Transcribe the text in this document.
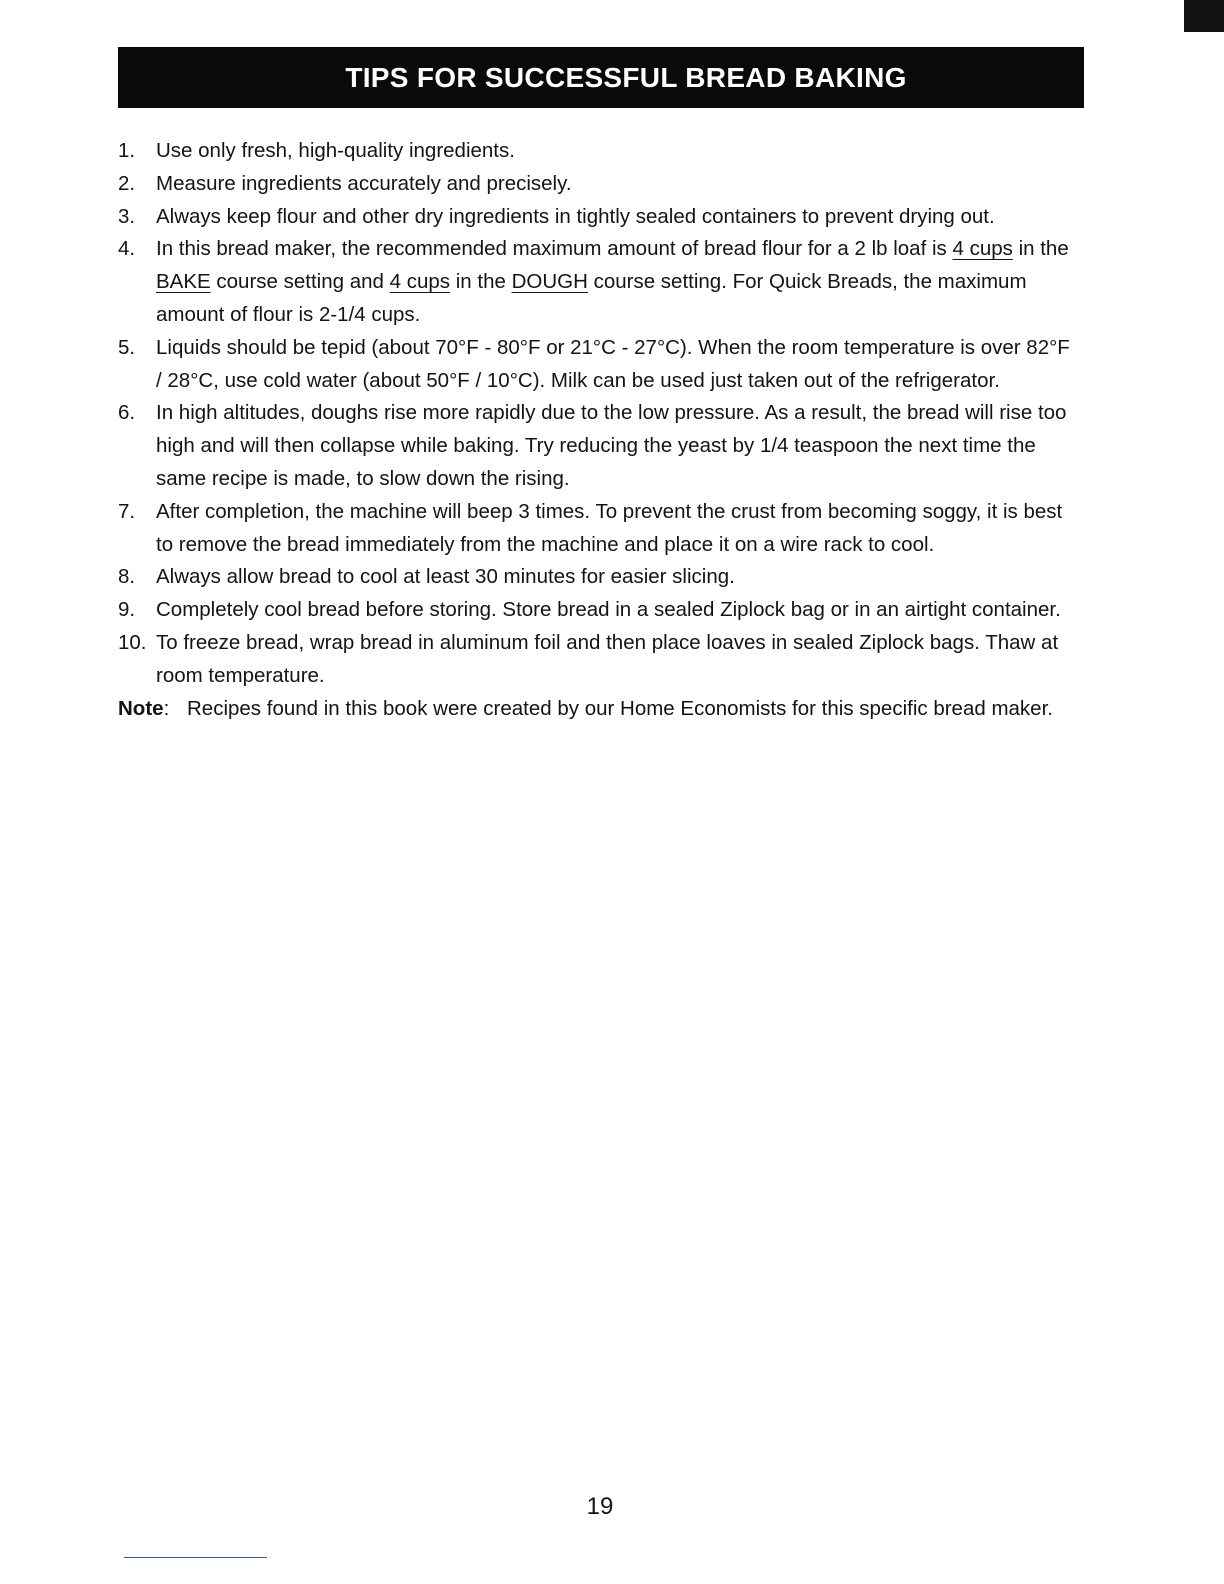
TIPS FOR SUCCESSFUL BREAD BAKING
1.	Use only fresh, high-quality ingredients.
2.	Measure ingredients accurately and precisely.
3.	Always keep flour and other dry ingredients in tightly sealed containers to prevent drying out.
4.	In this bread maker, the recommended maximum amount of bread flour for a 2 lb loaf is 4 cups in the BAKE course setting and 4 cups in the DOUGH course setting. For Quick Breads, the maximum amount of flour is 2-1/4 cups.
5.	Liquids should be tepid (about 70°F - 80°F or 21°C - 27°C). When the room temperature is over 82°F / 28°C, use cold water (about 50°F / 10°C). Milk can be used just taken out of the refrigerator.
6.	In high altitudes, doughs rise more rapidly due to the low pressure. As a result, the bread will rise too high and will then collapse while baking. Try reducing the yeast by 1/4 teaspoon the next time the same recipe is made, to slow down the rising.
7.	After completion, the machine will beep 3 times. To prevent the crust from becoming soggy, it is best to remove the bread immediately from the machine and place it on a wire rack to cool.
8.	Always allow bread to cool at least 30 minutes for easier slicing.
9.	Completely cool bread before storing. Store bread in a sealed Ziplock bag or in an airtight container.
10. To freeze bread, wrap bread in aluminum foil and then place loaves in sealed Ziplock bags. Thaw at room temperature.
Note: Recipes found in this book were created by our Home Economists for this specific bread maker.
19
